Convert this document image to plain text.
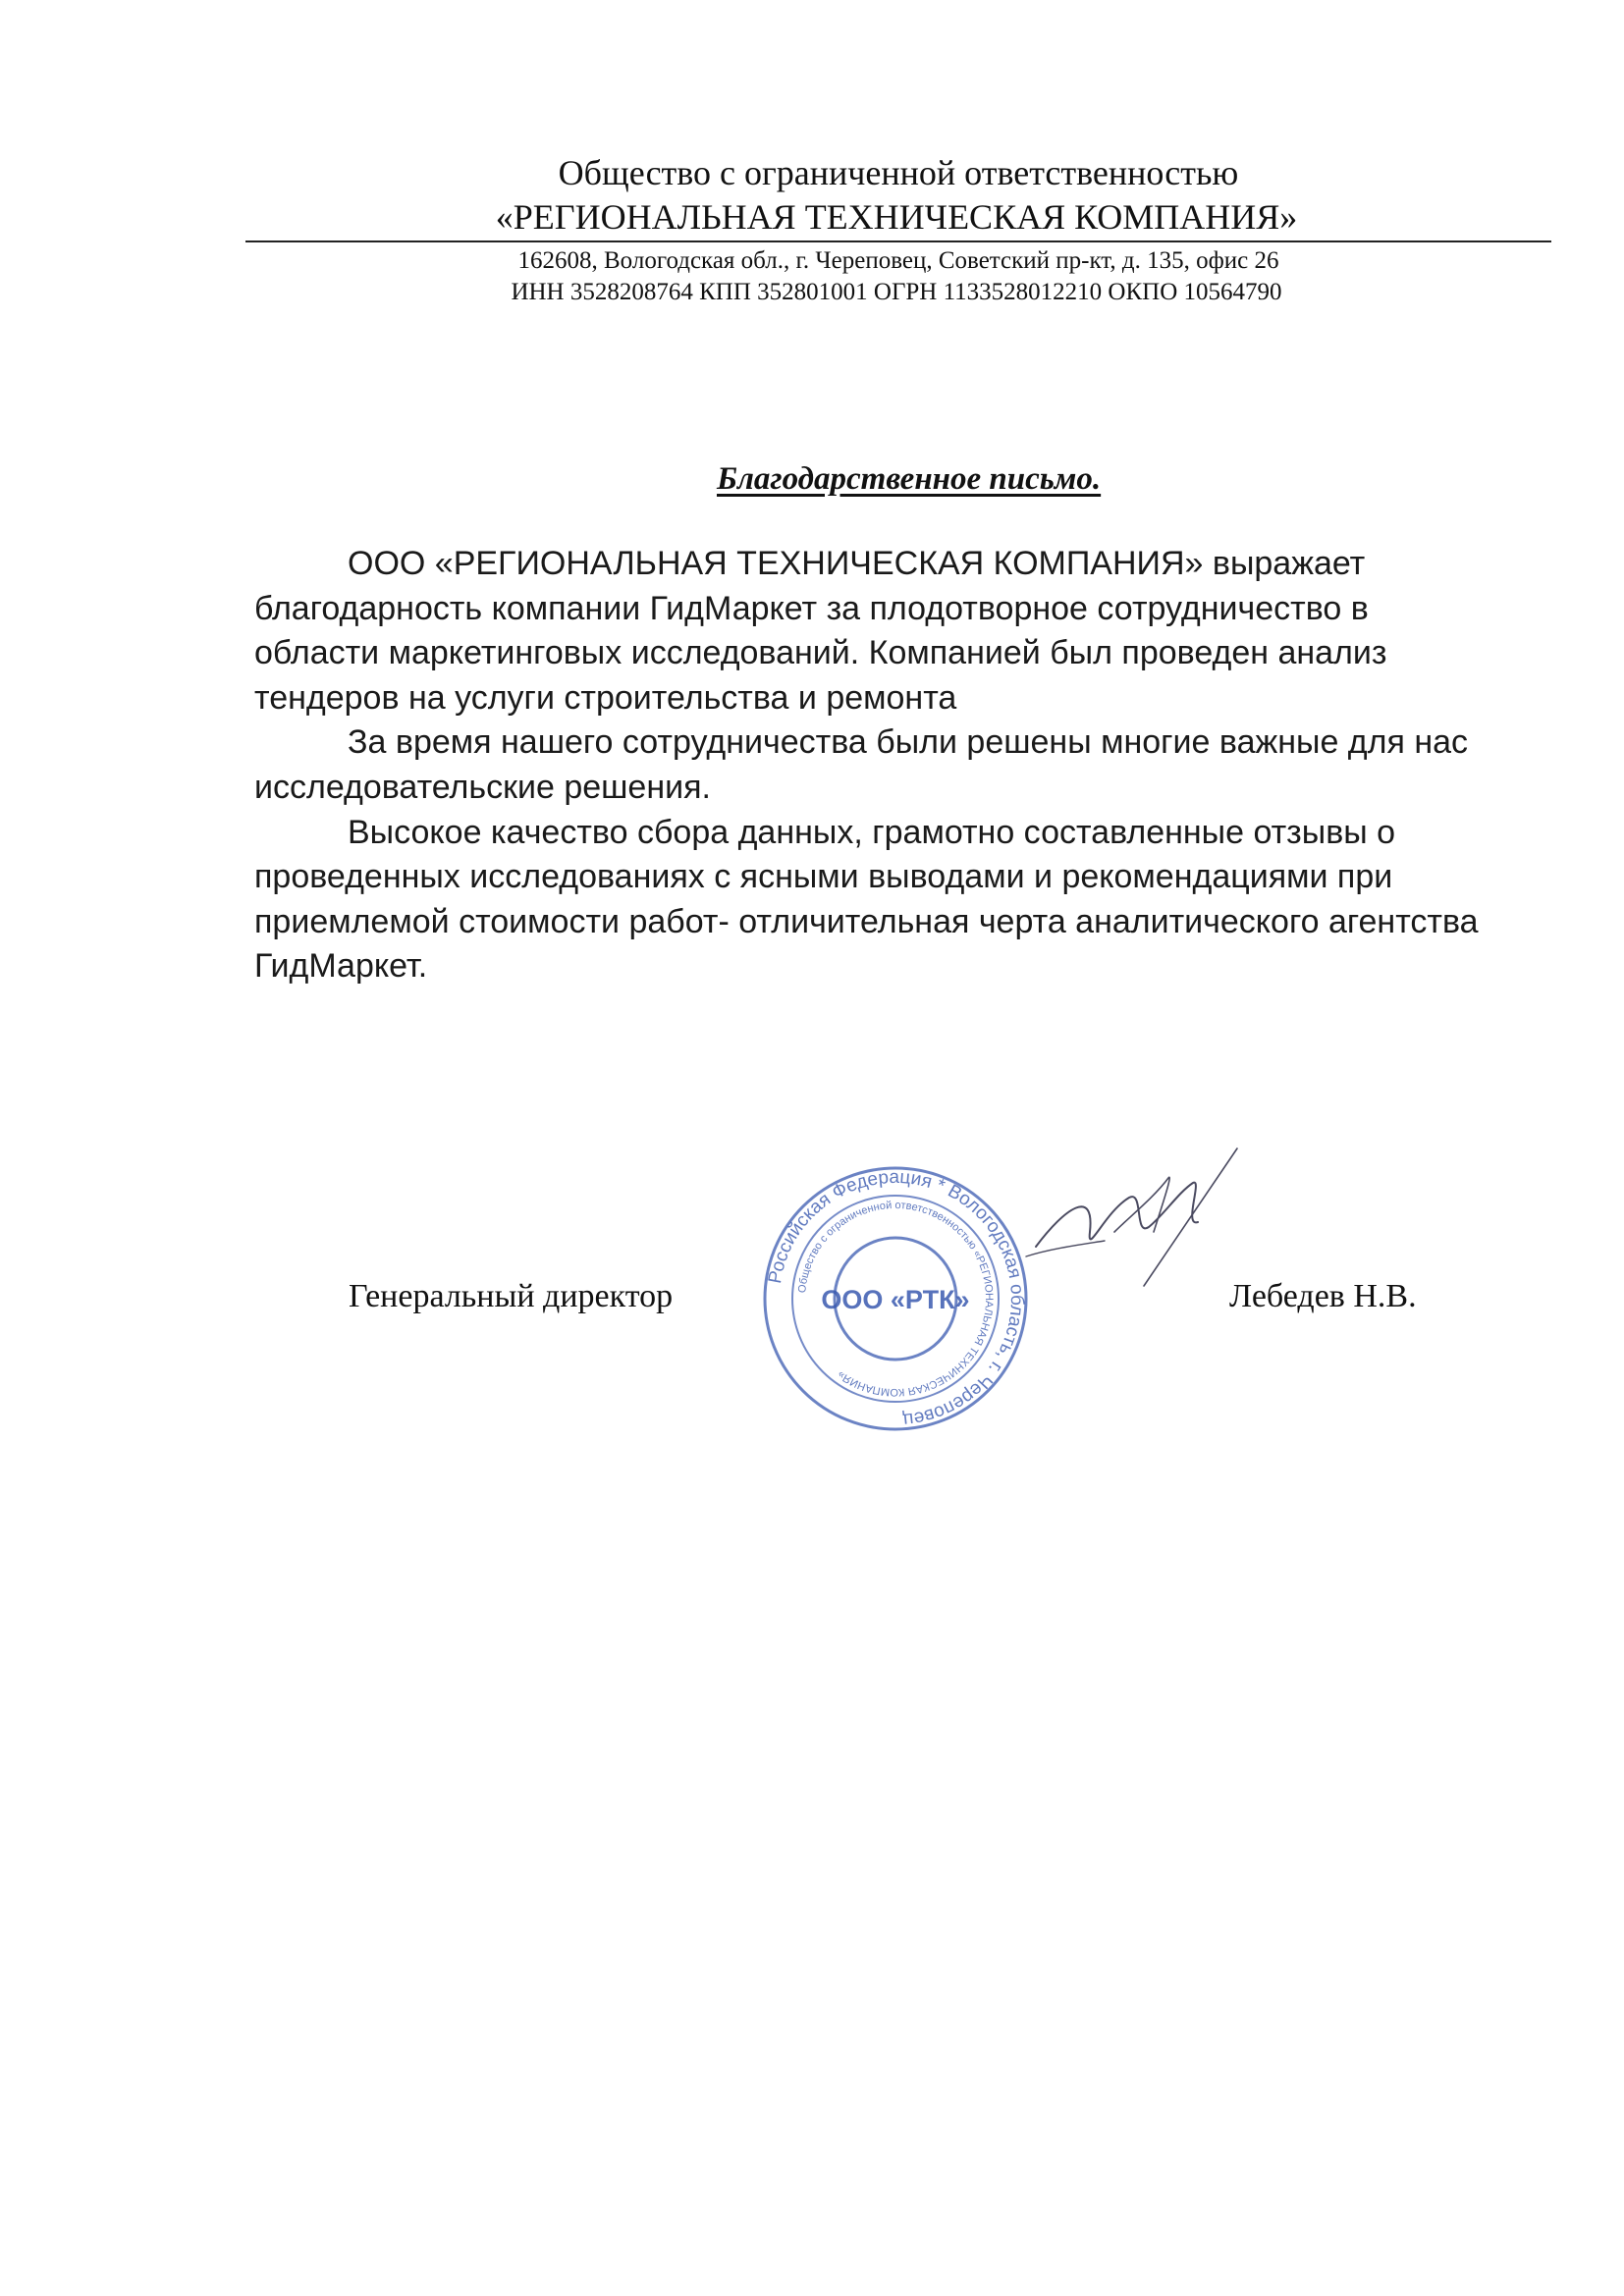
Общество с ограниченной ответственностью
«РЕГИОНАЛЬНАЯ ТЕХНИЧЕСКАЯ КОМПАНИЯ»
162608, Вологодская обл., г. Череповец, Советский пр-кт, д. 135, офис 26
ИНН 3528208764 КПП 352801001 ОГРН 1133528012210 ОКПО 10564790
Благодарственное письмо.
ООО «РЕГИОНАЛЬНАЯ ТЕХНИЧЕСКАЯ КОМПАНИЯ» выражает
благодарность компании ГидМаркет за плодотворное сотрудничество в
области маркетинговых исследований. Компанией был проведен анализ
тендеров на услуги строительства и ремонта
За время нашего сотрудничества были решены многие важные для нас
исследовательские решения.
Высокое качество сбора данных, грамотно составленные отзывы о
проведенных исследованиях с ясными выводами и рекомендациями при
приемлемой стоимости работ- отличительная черта аналитического агентства
ГидМаркет.
Генеральный директор	Лебедев Н.В.
Российская Федерация * Вологодская область, г. Череповец
Общество с ограниченной ответственностью «РЕГИОНАЛЬНАЯ ТЕХНИЧЕСКАЯ КОМПАНИЯ»
ООО «РТК»
